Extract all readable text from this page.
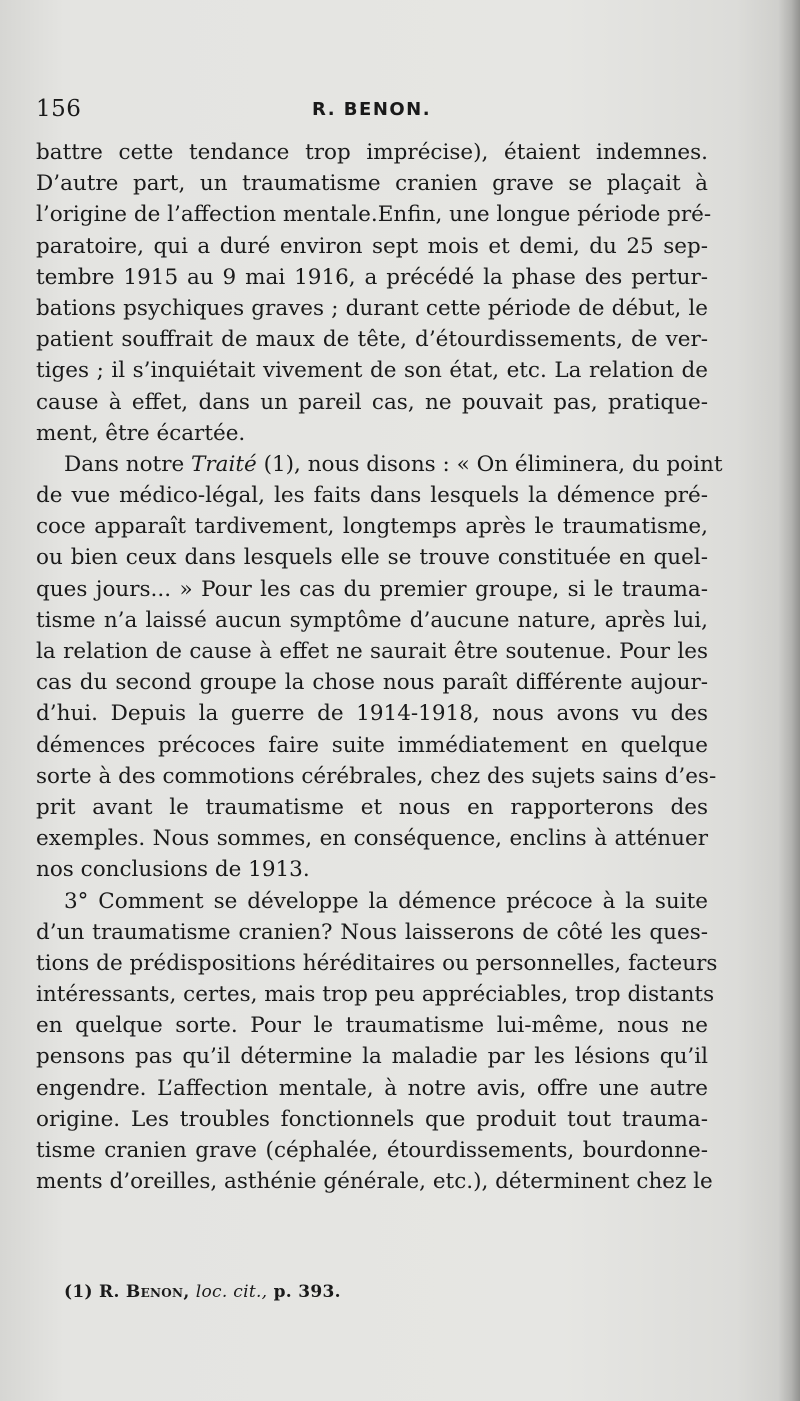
156	R. BENON.
battre cette tendance trop imprécise), étaient indemnes.
D’autre part, un traumatisme cranien grave se plaçait à
l’origine de l’affection mentale.Enfin, une longue période pré-
paratoire, qui a duré environ sept mois et demi, du 25 sep-
tembre 1915 au 9 mai 1916, a précédé la phase des pertur-
bations psychiques graves ; durant cette période de début, le
patient souffrait de maux de tête, d’étourdissements, de ver-
tiges ; il s’inquiétait vivement de son état, etc. La relation de
cause à effet, dans un pareil cas, ne pouvait pas, pratique-
ment, être écartée.
Dans notre Traité (1), nous disons : « On éliminera, du point
de vue médico-légal, les faits dans lesquels la démence pré-
coce apparaît tardivement, longtemps après le traumatisme,
ou bien ceux dans lesquels elle se trouve constituée en quel-
ques jours... » Pour les cas du premier groupe, si le trauma-
tisme n’a laissé aucun symptôme d’aucune nature, après lui,
la relation de cause à effet ne saurait être soutenue. Pour les
cas du second groupe la chose nous paraît différente aujour-
d’hui. Depuis la guerre de 1914-1918, nous avons vu des
démences précoces faire suite immédiatement en quelque
sorte à des commotions cérébrales, chez des sujets sains d’es-
prit avant le traumatisme et nous en rapporterons des
exemples. Nous sommes, en conséquence, enclins à atténuer
nos conclusions de 1913.
3° Comment se développe la démence précoce à la suite
d’un traumatisme cranien? Nous laisserons de côté les ques-
tions de prédispositions héréditaires ou personnelles, facteurs
intéressants, certes, mais trop peu appréciables, trop distants
en quelque sorte. Pour le traumatisme lui-même, nous ne
pensons pas qu’il détermine la maladie par les lésions qu’il
engendre. L’affection mentale, à notre avis, offre une autre
origine. Les troubles fonctionnels que produit tout trauma-
tisme cranien grave (céphalée, étourdissements, bourdonne-
ments d’oreilles, asthénie générale, etc.), déterminent chez le
(1) R. Benon, loc. cit., p. 393.
